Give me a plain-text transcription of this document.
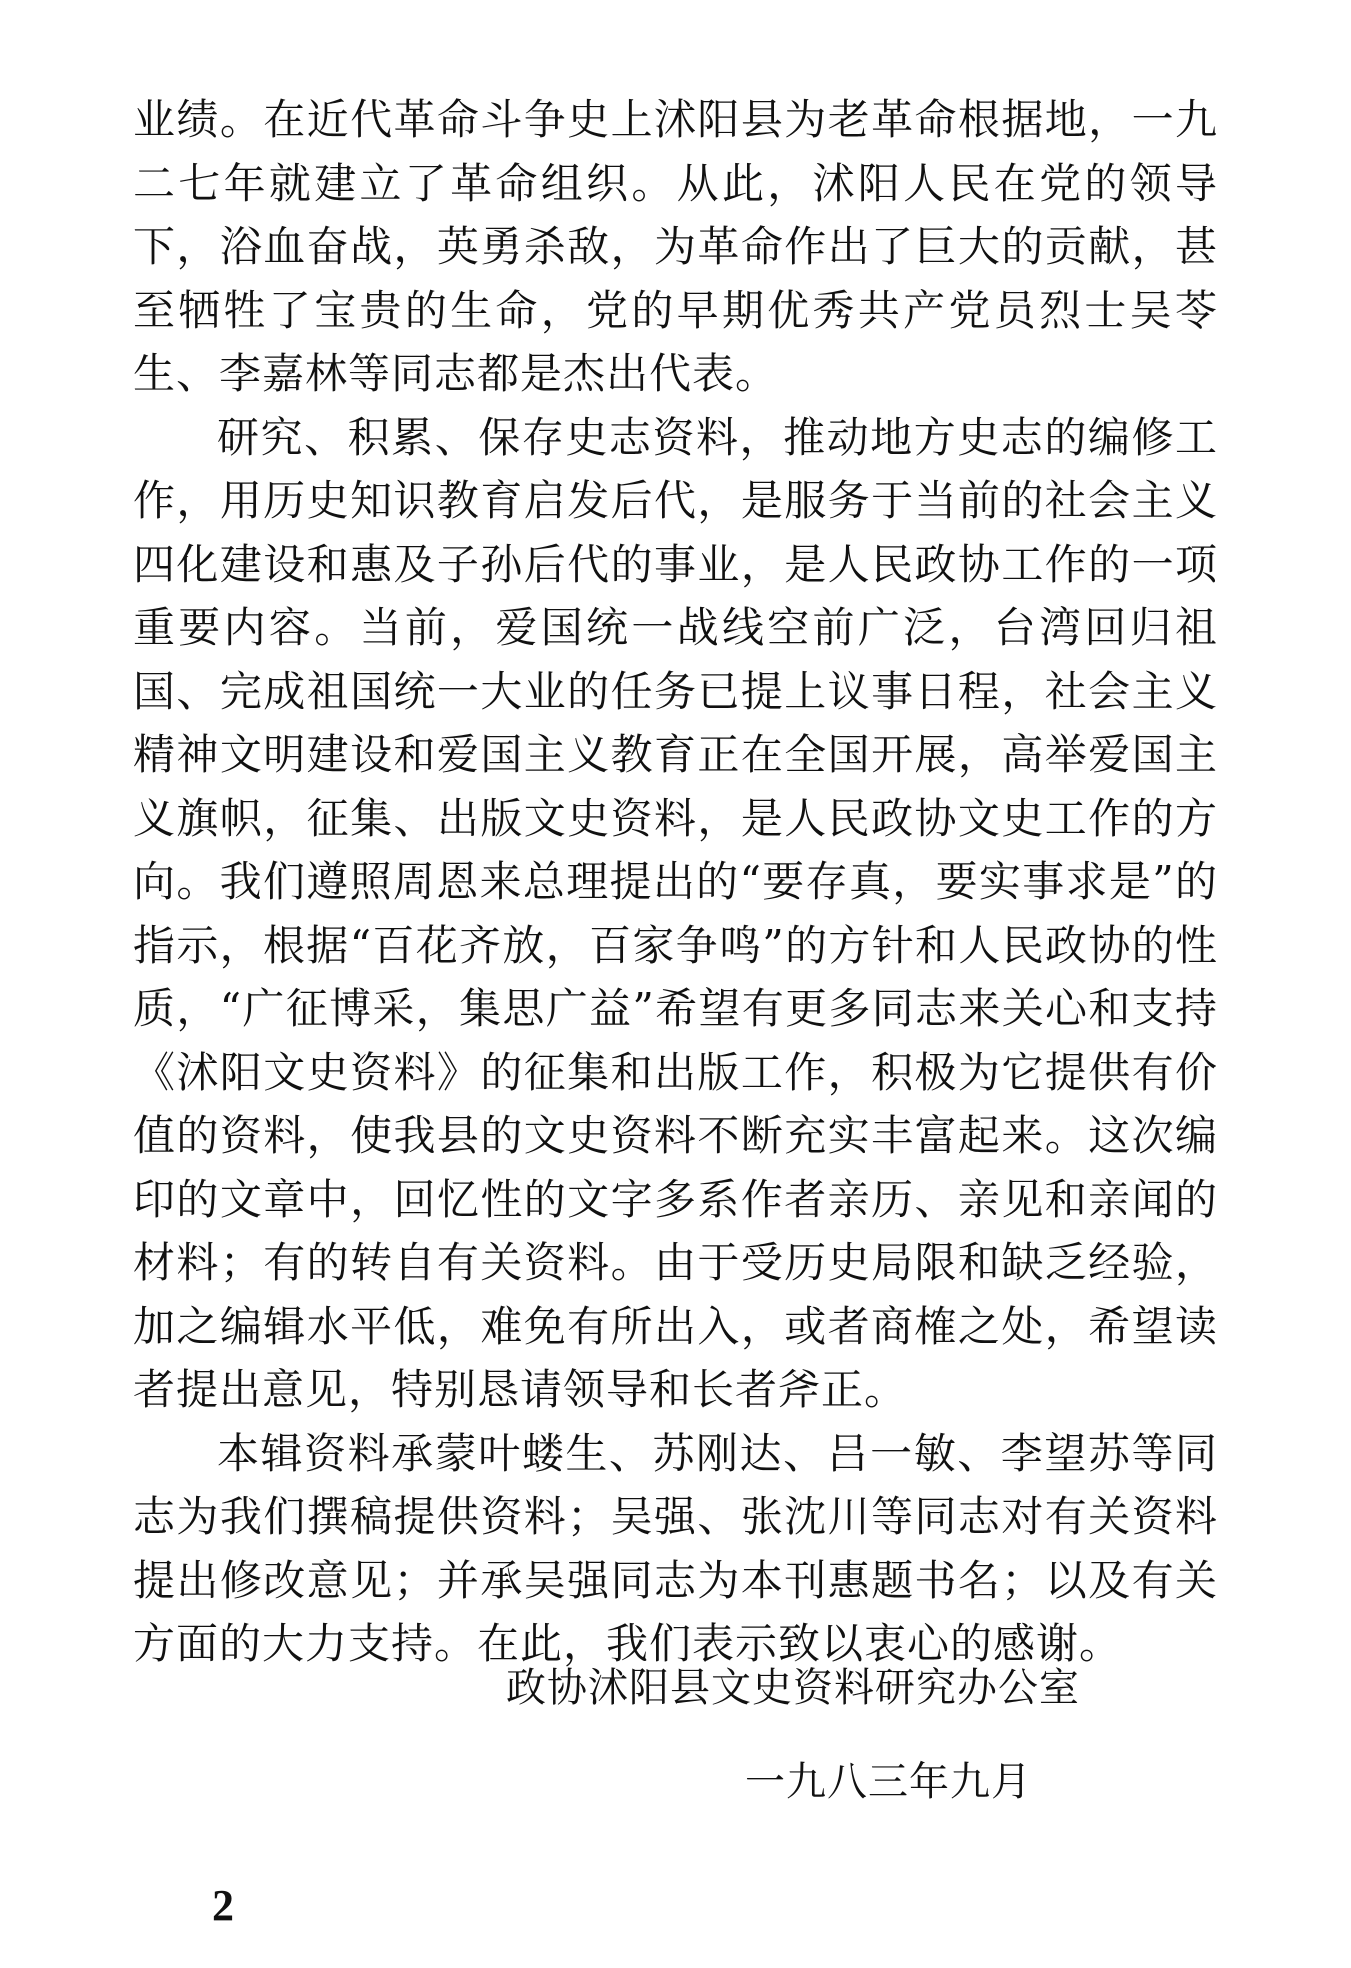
业绩。在近代革命斗争史上沭阳县为老革命根据地，一九二七年就建立了革命组织。从此，沭阳人民在党的领导下，浴血奋战，英勇杀敌，为革命作出了巨大的贡献，甚至牺牲了宝贵的生命，党的早期优秀共产党员烈士吴苓生、李嘉林等同志都是杰出代表。

研究、积累、保存史志资料，推动地方史志的编修工作，用历史知识教育启发后代，是服务于当前的社会主义四化建设和惠及子孙后代的事业，是人民政协工作的一项重要内容。当前，爱国统一战线空前广泛，台湾回归祖国、完成祖国统一大业的任务已提上议事日程，社会主义精神文明建设和爱国主义教育正在全国开展，高举爱国主义旗帜，征集、出版文史资料，是人民政协文史工作的方向。我们遵照周恩来总理提出的“要存真，要实事求是”的指示，根据“百花齐放，百家争鸣”的方针和人民政协的性质，“广征博采，集思广益”希望有更多同志来关心和支持《沭阳文史资料》的征集和出版工作，积极为它提供有价值的资料，使我县的文史资料不断充实丰富起来。这次编印的文章中，回忆性的文字多系作者亲历、亲见和亲闻的材料；有的转自有关资料。由于受历史局限和缺乏经验，加之编辑水平低，难免有所出入，或者商榷之处，希望读者提出意见，特别恳请领导和长者斧正。

本辑资料承蒙叶蝼生、苏刚达、吕一敏、李望苏等同志为我们撰稿提供资料；吴强、张沈川等同志对有关资料提出修改意见；并承吴强同志为本刊惠题书名；以及有关方面的大力支持。在此，我们表示致以衷心的感谢。

政协沭阳县文史资料研究办公室
一九八三年九月
2
